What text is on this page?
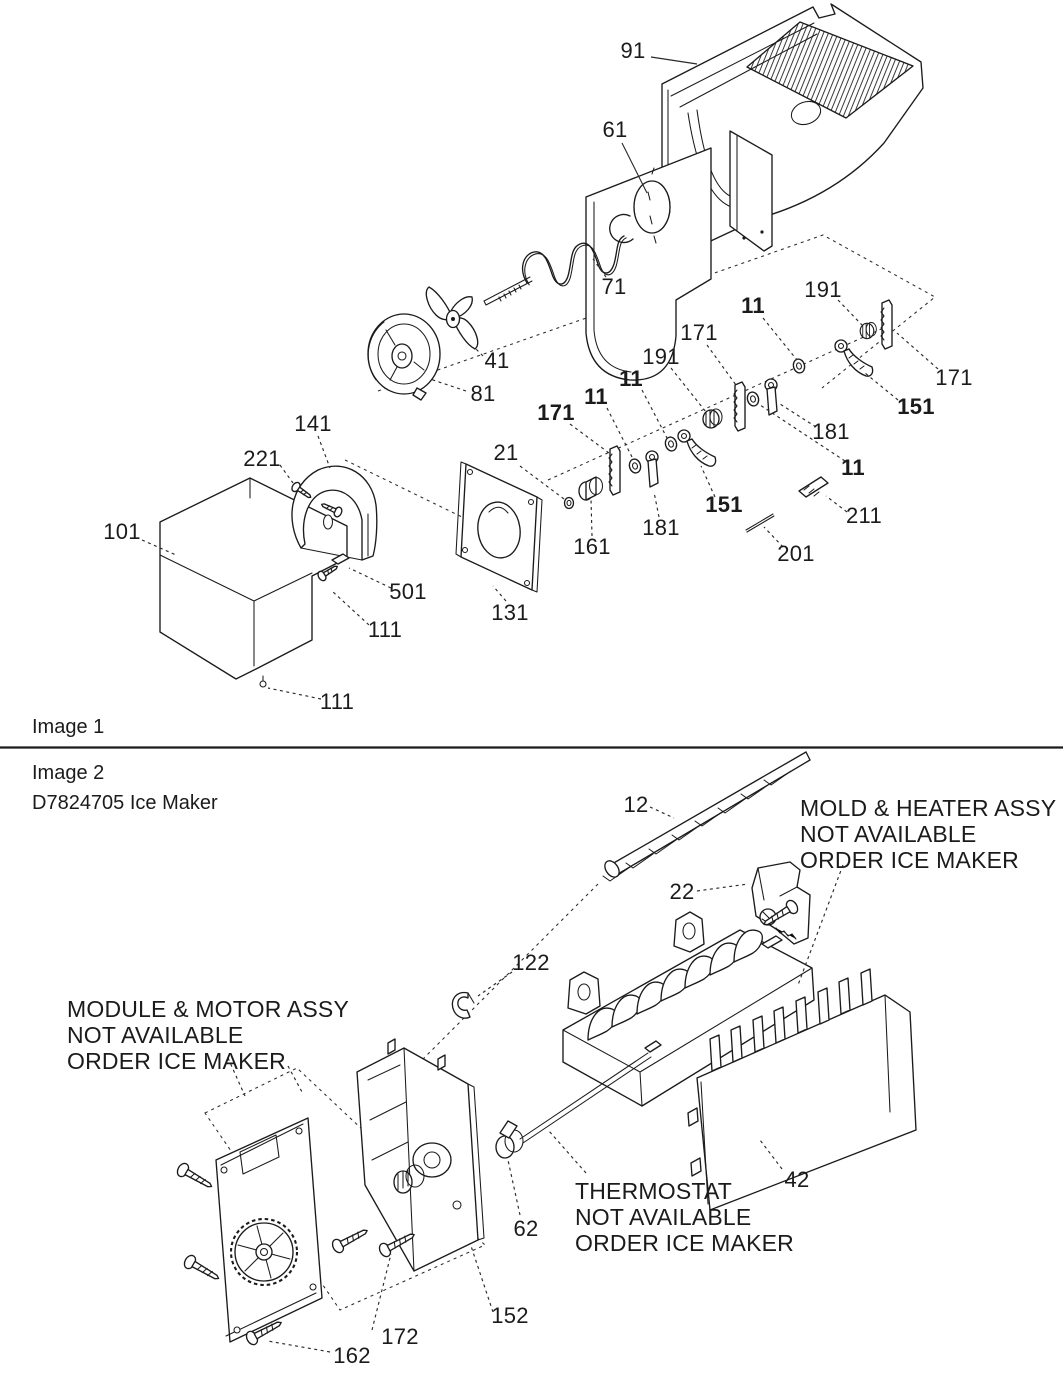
Image 1
Image 2
D7824705 Ice Maker
91
61
71
41
81
141
221
101
21
131
501
111
111
161
181
151
201
211
171
11
191
11
171
11
191
171
151
181
11
12
22
122
62
42
152
172
162
MOLD & HEATER ASSY
NOT AVAILABLE
ORDER ICE MAKER
MODULE & MOTOR ASSY
NOT AVAILABLE
ORDER ICE MAKER
THERMOSTAT
NOT AVAILABLE
ORDER ICE MAKER
